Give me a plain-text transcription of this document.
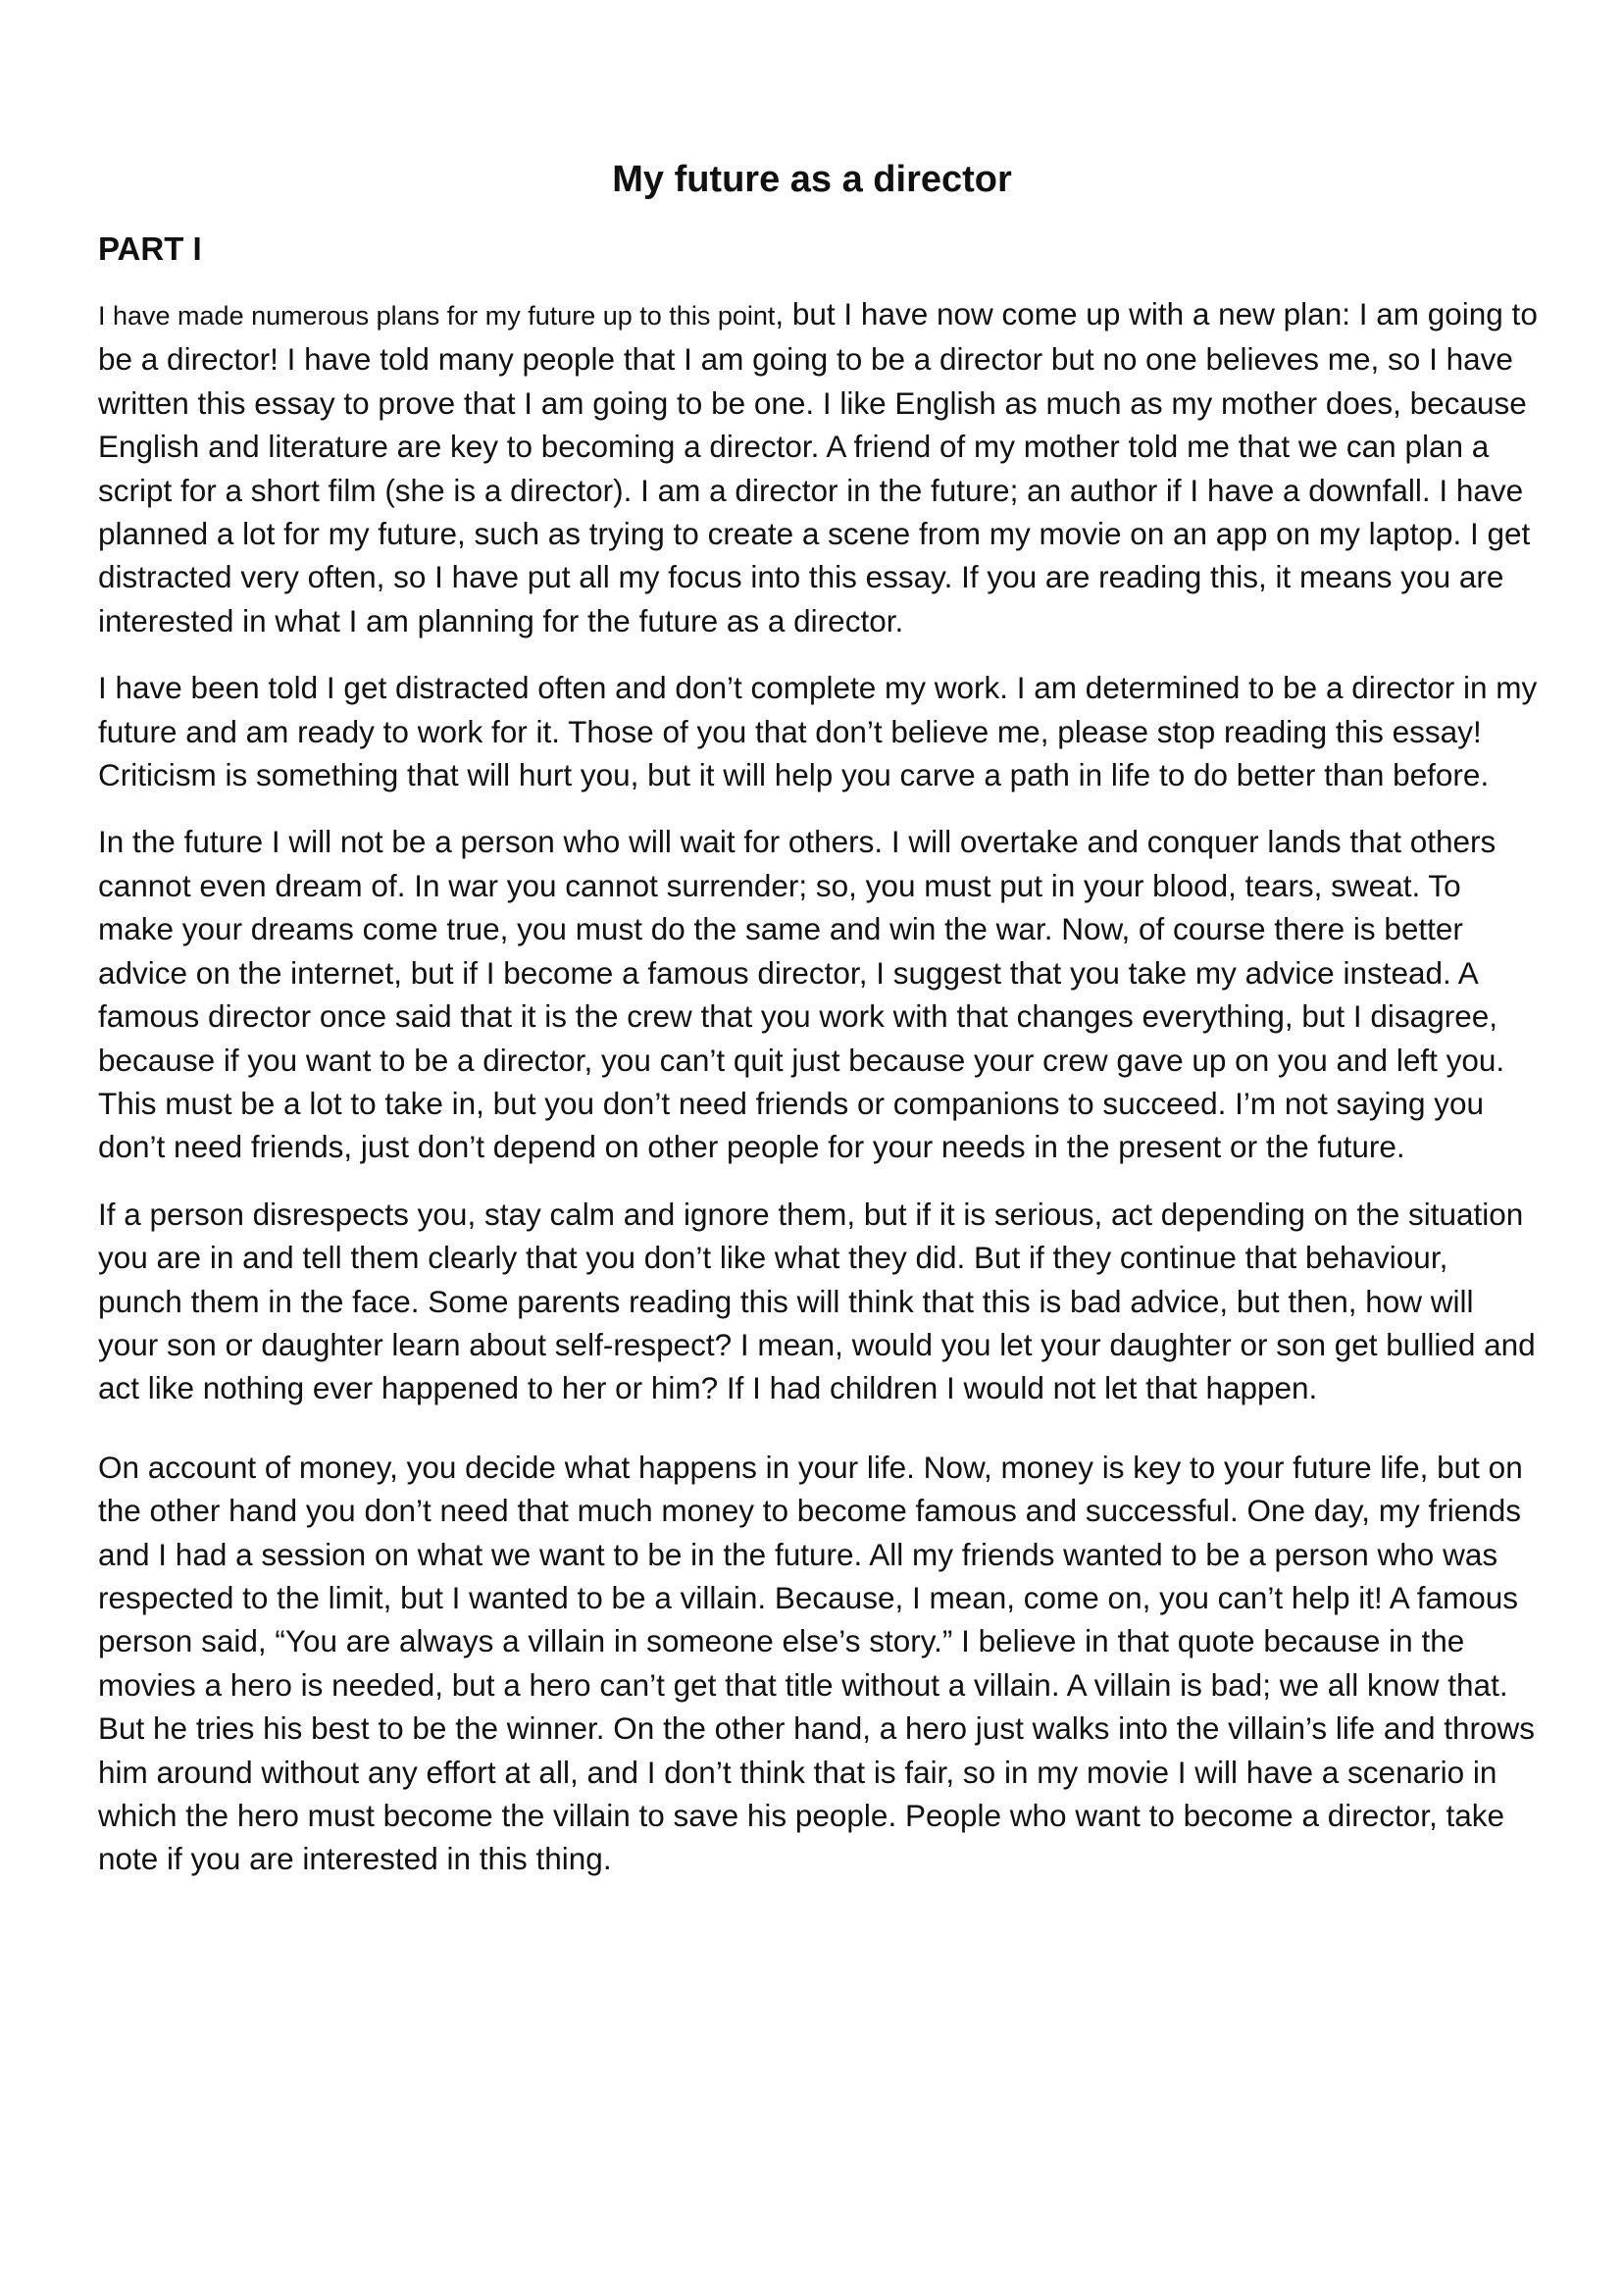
My future as a director
PART I

I have made numerous plans for my future up to this point, but I have now come up with a new plan: I am going to be a director! I have told many people that I am going to be a director but no one believes me, so I have written this essay to prove that I am going to be one. I like English as much as my mother does, because English and literature are key to becoming a director. A friend of my mother told me that we can plan a script for a short film (she is a director). I am a director in the future; an author if I have a downfall. I have planned a lot for my future, such as trying to create a scene from my movie on an app on my laptop. I get distracted very often, so I have put all my focus into this essay. If you are reading this, it means you are interested in what I am planning for the future as a director.

I have been told I get distracted often and don’t complete my work. I am determined to be a director in my future and am ready to work for it. Those of you that don’t believe me, please stop reading this essay! Criticism is something that will hurt you, but it will help you carve a path in life to do better than before.

In the future I will not be a person who will wait for others. I will overtake and conquer lands that others cannot even dream of. In war you cannot surrender; so, you must put in your blood, tears, sweat. To make your dreams come true, you must do the same and win the war. Now, of course there is better advice on the internet, but if I become a famous director, I suggest that you take my advice instead. A famous director once said that it is the crew that you work with that changes everything, but I disagree, because if you want to be a director, you can’t quit just because your crew gave up on you and left you. This must be a lot to take in, but you don’t need friends or companions to succeed. I’m not saying you don’t need friends, just don’t depend on other people for your needs in the present or the future.

If a person disrespects you, stay calm and ignore them, but if it is serious, act depending on the situation you are in and tell them clearly that you don’t like what they did. But if they continue that behaviour, punch them in the face. Some parents reading this will think that this is bad advice, but then, how will your son or daughter learn about self-respect? I mean, would you let your daughter or son get bullied and act like nothing ever happened to her or him? If I had children I would not let that happen.

On account of money, you decide what happens in your life. Now, money is key to your future life, but on the other hand you don’t need that much money to become famous and successful. One day, my friends and I had a session on what we want to be in the future. All my friends wanted to be a person who was respected to the limit, but I wanted to be a villain. Because, I mean, come on, you can’t help it! A famous person said, “You are always a villain in someone else’s story.” I believe in that quote because in the movies a hero is needed, but a hero can’t get that title without a villain. A villain is bad; we all know that. But he tries his best to be the winner. On the other hand, a hero just walks into the villain’s life and throws him around without any effort at all, and I don’t think that is fair, so in my movie I will have a scenario in which the hero must become the villain to save his people. People who want to become a director, take note if you are interested in this thing.
